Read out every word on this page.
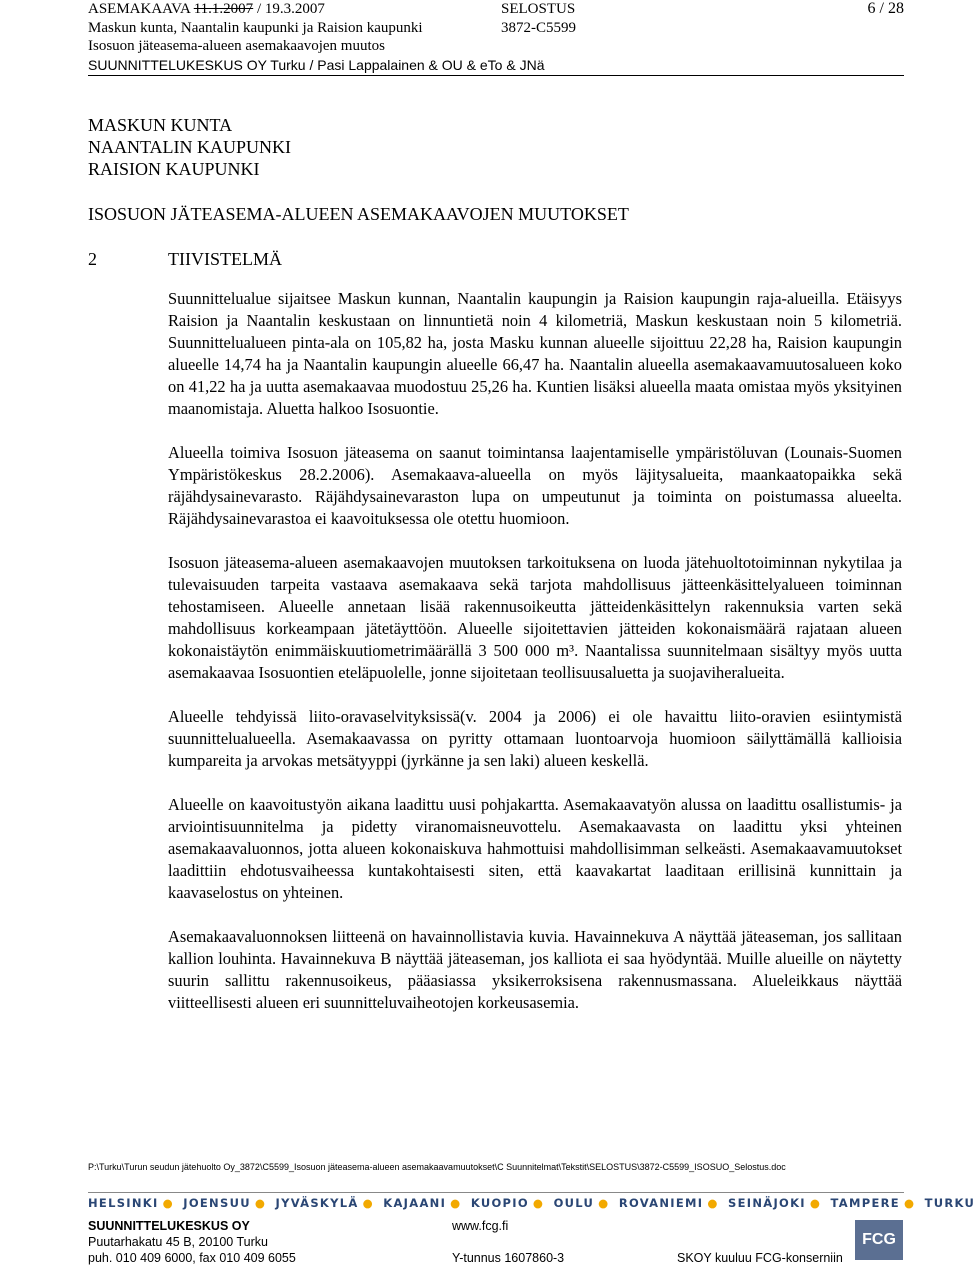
ASEMAKAAVA 11.1.2007 / 19.3.2007	SELOSTUS	6 / 28
Maskun kunta, Naantalin kaupunki ja Raision kaupunki	3872-C5599
Isosuon jäteasema-alueen asemakaavojen muutos
SUUNNITTELUKESKUS OY Turku / Pasi Lappalainen & OU & eTo & JNä
MASKUN KUNTA
NAANTALIN KAUPUNKI
RAISION KAUPUNKI
ISOSUON JÄTEASEMA-ALUEEN ASEMAKAAVOJEN MUUTOKSET
2	TIIVISTELMÄ

Suunnittelualue sijaitsee Maskun kunnan, Naantalin kaupungin ja Raision kaupungin raja-alueilla. Etäisyys Raision ja Naantalin keskustaan on linnuntietä noin 4 kilometriä, Maskun keskustaan noin 5 kilometriä. Suunnittelualueen pinta-ala on 105,82 ha, josta Masku kunnan alueelle sijoittuu 22,28 ha, Raision kaupungin alueelle 14,74 ha ja Naantalin kaupungin alueelle 66,47 ha. Naantalin alueella asemakaavamuutosalueen koko on 41,22 ha ja uutta asemakaavaa muodostuu 25,26 ha. Kuntien lisäksi alueella maata omistaa myös yksityinen maanomistaja. Aluetta halkoo Isosuontie.

Alueella toimiva Isosuon jäteasema on saanut toimintansa laajentamiselle ympäristöluvan (Lounais-Suomen Ympäristökeskus 28.2.2006). Asemakaava-alueella on myös läjitysalueita, maankaatopaikka sekä räjähdysainevarasto. Räjähdysainevaraston lupa on umpeutunut ja toiminta on poistumassa alueelta. Räjähdysainevarastoa ei kaavoituksessa ole otettu huomioon.

Isosuon jäteasema-alueen asemakaavojen muutoksen tarkoituksena on luoda jätehuoltotoiminnan nykytilaa ja tulevaisuuden tarpeita vastaava asemakaava sekä tarjota mahdollisuus jätteenkäsittelyalueen toiminnan tehostamiseen. Alueelle annetaan lisää rakennusoikeutta jätteidenkäsittelyn rakennuksia varten sekä mahdollisuus korkeampaan jätetäyttöön. Alueelle sijoitettavien jätteiden kokonaismäärä rajataan alueen kokonaistäytön enimmäiskuutiometrimäärällä 3 500 000 m³. Naantalissa suunnitelmaan sisältyy myös uutta asemakaavaa Isosuontien eteläpuolelle, jonne sijoitetaan teollisuusaluetta ja suojaviheralueita.

Alueelle tehdyissä liito-oravaselvityksissä(v. 2004 ja 2006) ei ole havaittu liito-oravien esiintymistä suunnittelualueella. Asemakaavassa on pyritty ottamaan luontoarvoja huomioon säilyttämällä kallioisia kumpareita ja arvokas metsätyyppi (jyrkänne ja sen laki) alueen keskellä.

Alueelle on kaavoitustyön aikana laadittu uusi pohjakartta. Asemakaavatyön alussa on laadittu osallistumis- ja arviointisuunnitelma ja pidetty viranomaisneuvottelu. Asemakaavasta on laadittu yksi yhteinen asemakaavaluonnos, jotta alueen kokonaiskuva hahmottuisi mahdollisimman selkeästi. Asemakaavamuutokset laadittiin ehdotusvaiheessa kuntakohtaisesti siten, että kaavakartat laaditaan erillisinä kunnittain ja kaavaselostus on yhteinen.

Asemakaavaluonnoksen liitteenä on havainnollistavia kuvia. Havainnekuva A näyttää jäteaseman, jos sallitaan kallion louhinta. Havainnekuva B näyttää jäteaseman, jos kalliota ei saa hyödyntää. Muille alueille on näytetty suurin sallittu rakennusoikeus, pääasiassa yksikerroksisena rakennusmassana. Alueleikkaus näyttää viitteellisesti alueen eri suunnitteluvaiheotojen korkeusasemia.

P:\Turku\Turun seudun jätehuolto Oy_3872\C5599_Isosuon jäteasema-alueen asemakaavamuutokset\C Suunnitelmat\Tekstit\SELOSTUS\3872-C5599_ISOSUO_Selostus.doc
HELSINKI ● JOENSUU ● JYVÄSKYLÄ ● KAJAANI ● KUOPIO ● OULU ● ROVANIEMI ● SEINÄJOKI ● TAMPERE ● TURKU
SUUNNITTELUKESKUS OY
Puutarhakatu 45 B, 20100 Turku
puh. 010 409 6000, fax 010 409 6055
www.fcg.fi
Y-tunnus 1607860-3	SKOY kuuluu FCG-konserniin
FCG
